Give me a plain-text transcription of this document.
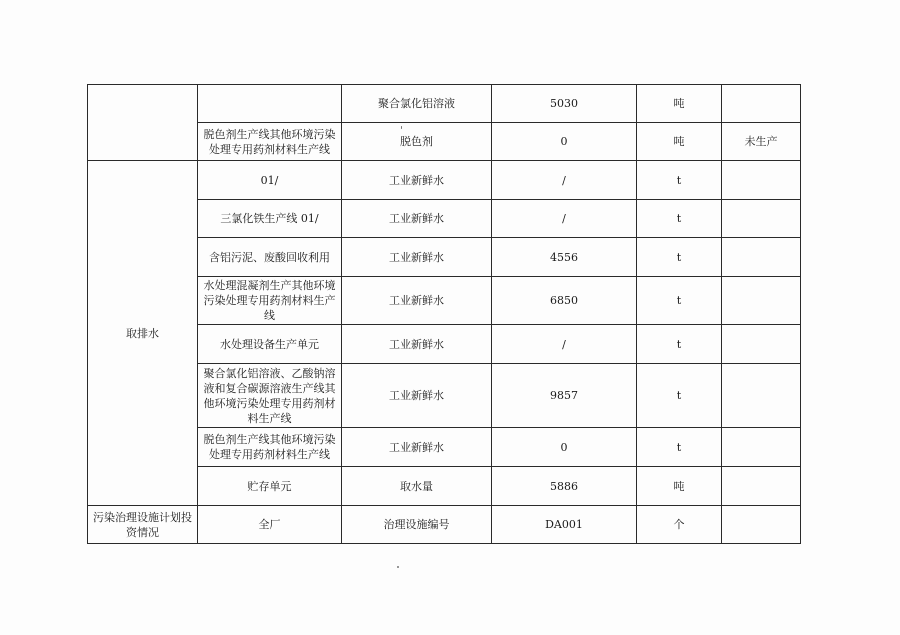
		聚合氯化铝溶液	5030	吨	
	脱色剂生产线其他环境污染处理专用药剂材料生产线	脱色剂	0	吨	未生产
取排水	01/	工业新鲜水	/	t	
	三氯化铁生产线 01/	工业新鲜水	/	t	
	含铝污泥、废酸回收利用	工业新鲜水	4556	t	
	水处理混凝剂生产其他环境污染处理专用药剂材料生产线	工业新鲜水	6850	t	
	水处理设备生产单元	工业新鲜水	/	t	
	聚合氯化铝溶液、乙酸钠溶液和复合碳源溶液生产线其他环境污染处理专用药剂材料生产线	工业新鲜水	9857	t	
	脱色剂生产线其他环境污染处理专用药剂材料生产线	工业新鲜水	0	t	
	贮存单元	取水量	5886	吨	
污染治理设施计划投资情况	全厂	治理设施编号	DA001	个	
